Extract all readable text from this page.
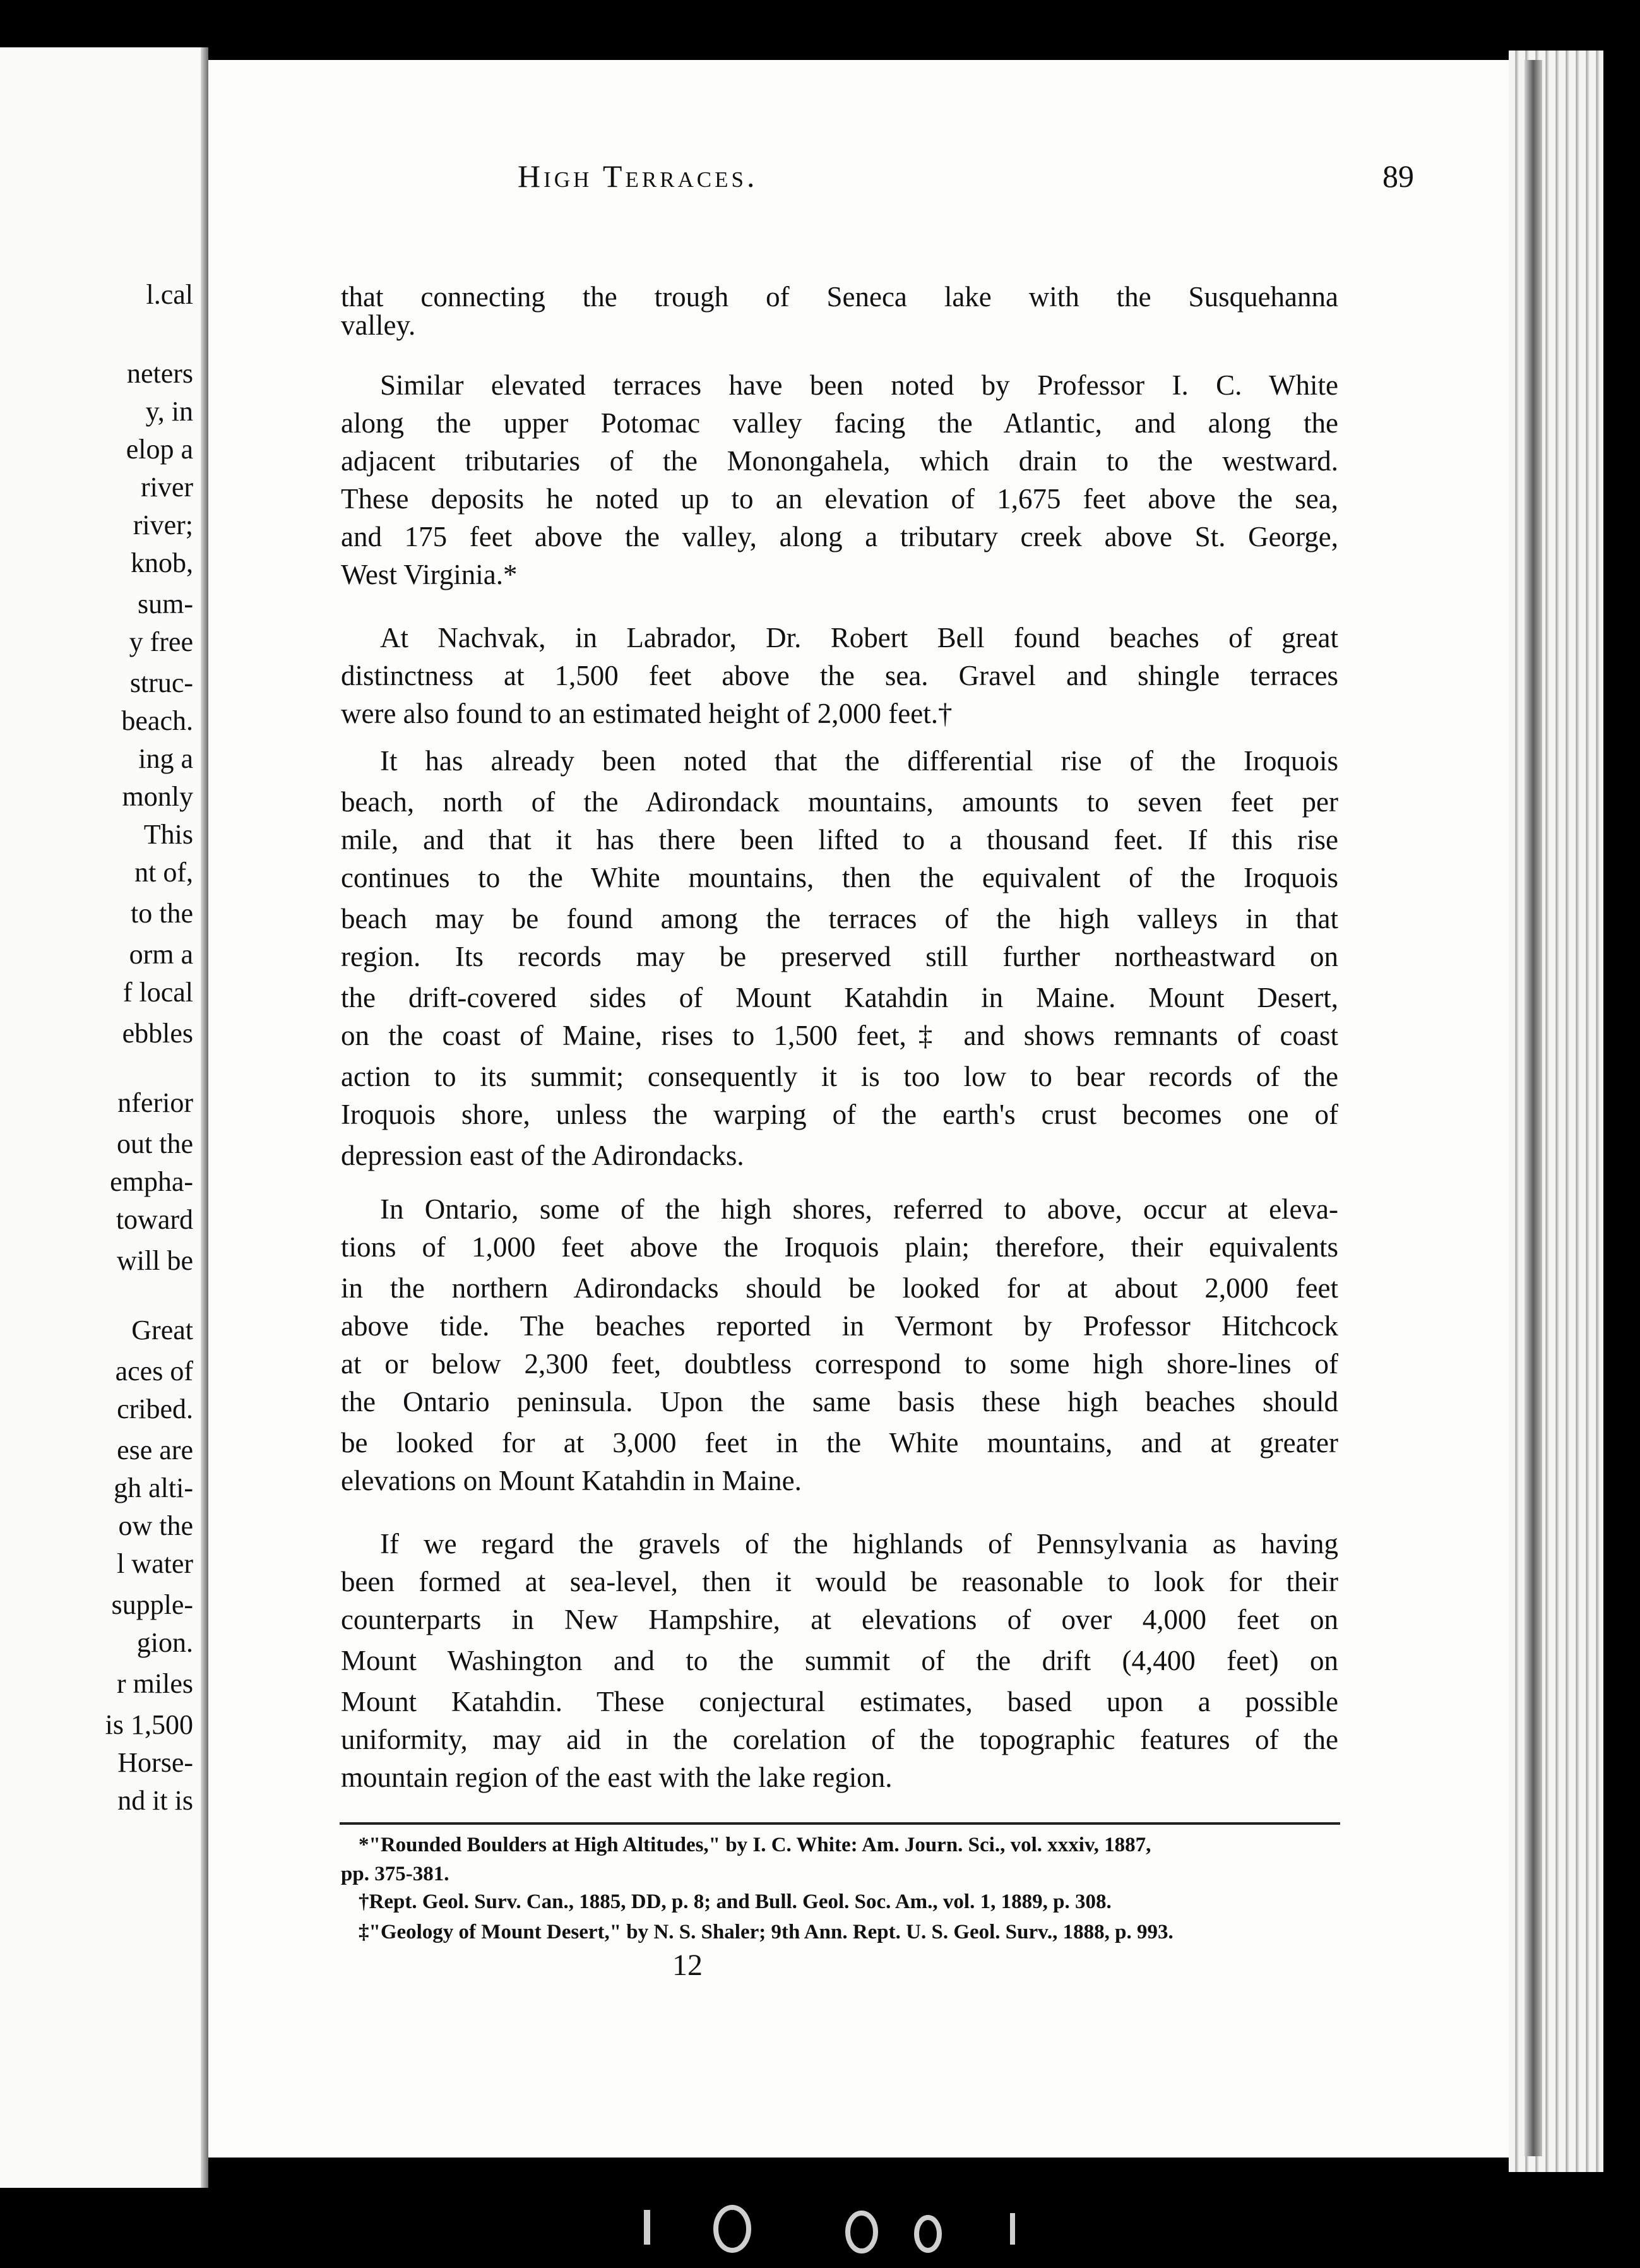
l.cal
neters
y, in
elop a
river
river;
knob,
sum-
y free
struc-
beach.
ing a
monly
This
nt of,
to the
orm a
f local
ebbles
nferior
out the
empha-
toward
will be
Great
aces of
cribed.
ese are
gh alti-
ow the
l water
supple-
gion.
r miles
is 1,500
Horse-
nd it is
High Terraces.	89
that connecting the trough of Seneca lake with the Susquehanna
valley.
Similar elevated terraces have been noted by Professor I. C. White
along the upper Potomac valley facing the Atlantic, and along the
adjacent tributaries of the Monongahela, which drain to the westward.
These deposits he noted up to an elevation of 1,675 feet above the sea,
and 175 feet above the valley, along a tributary creek above St. George,
West Virginia.*
At Nachvak, in Labrador, Dr. Robert Bell found beaches of great
distinctness at 1,500 feet above the sea. Gravel and shingle terraces
were also found to an estimated height of 2,000 feet.†
It has already been noted that the differential rise of the Iroquois
beach, north of the Adirondack mountains, amounts to seven feet per
mile, and that it has there been lifted to a thousand feet. If this rise
continues to the White mountains, then the equivalent of the Iroquois
beach may be found among the terraces of the high valleys in that
region. Its records may be preserved still further northeastward on
the drift-covered sides of Mount Katahdin in Maine. Mount Desert,
on the coast of Maine, rises to 1,500 feet,‡ and shows remnants of coast
action to its summit; consequently it is too low to bear records of the
Iroquois shore, unless the warping of the earth's crust becomes one of
depression east of the Adirondacks.
In Ontario, some of the high shores, referred to above, occur at eleva-
tions of 1,000 feet above the Iroquois plain; therefore, their equivalents
in the northern Adirondacks should be looked for at about 2,000 feet
above tide. The beaches reported in Vermont by Professor Hitchcock
at or below 2,300 feet, doubtless correspond to some high shore-lines of
the Ontario peninsula. Upon the same basis these high beaches should
be looked for at 3,000 feet in the White mountains, and at greater
elevations on Mount Katahdin in Maine.
If we regard the gravels of the highlands of Pennsylvania as having
been formed at sea-level, then it would be reasonable to look for their
counterparts in New Hampshire, at elevations of over 4,000 feet on
Mount Washington and to the summit of the drift (4,400 feet) on
Mount Katahdin. These conjectural estimates, based upon a possible
uniformity, may aid in the corelation of the topographic features of the
mountain region of the east with the lake region.
*"Rounded Boulders at High Altitudes," by I. C. White: Am. Journ. Sci., vol. xxxiv, 1887,
pp. 375-381.
†Rept. Geol. Surv. Can., 1885, DD, p. 8; and Bull. Geol. Soc. Am., vol. 1, 1889, p. 308.
‡"Geology of Mount Desert," by N. S. Shaler; 9th Ann. Rept. U. S. Geol. Surv., 1888, p. 993.
12
